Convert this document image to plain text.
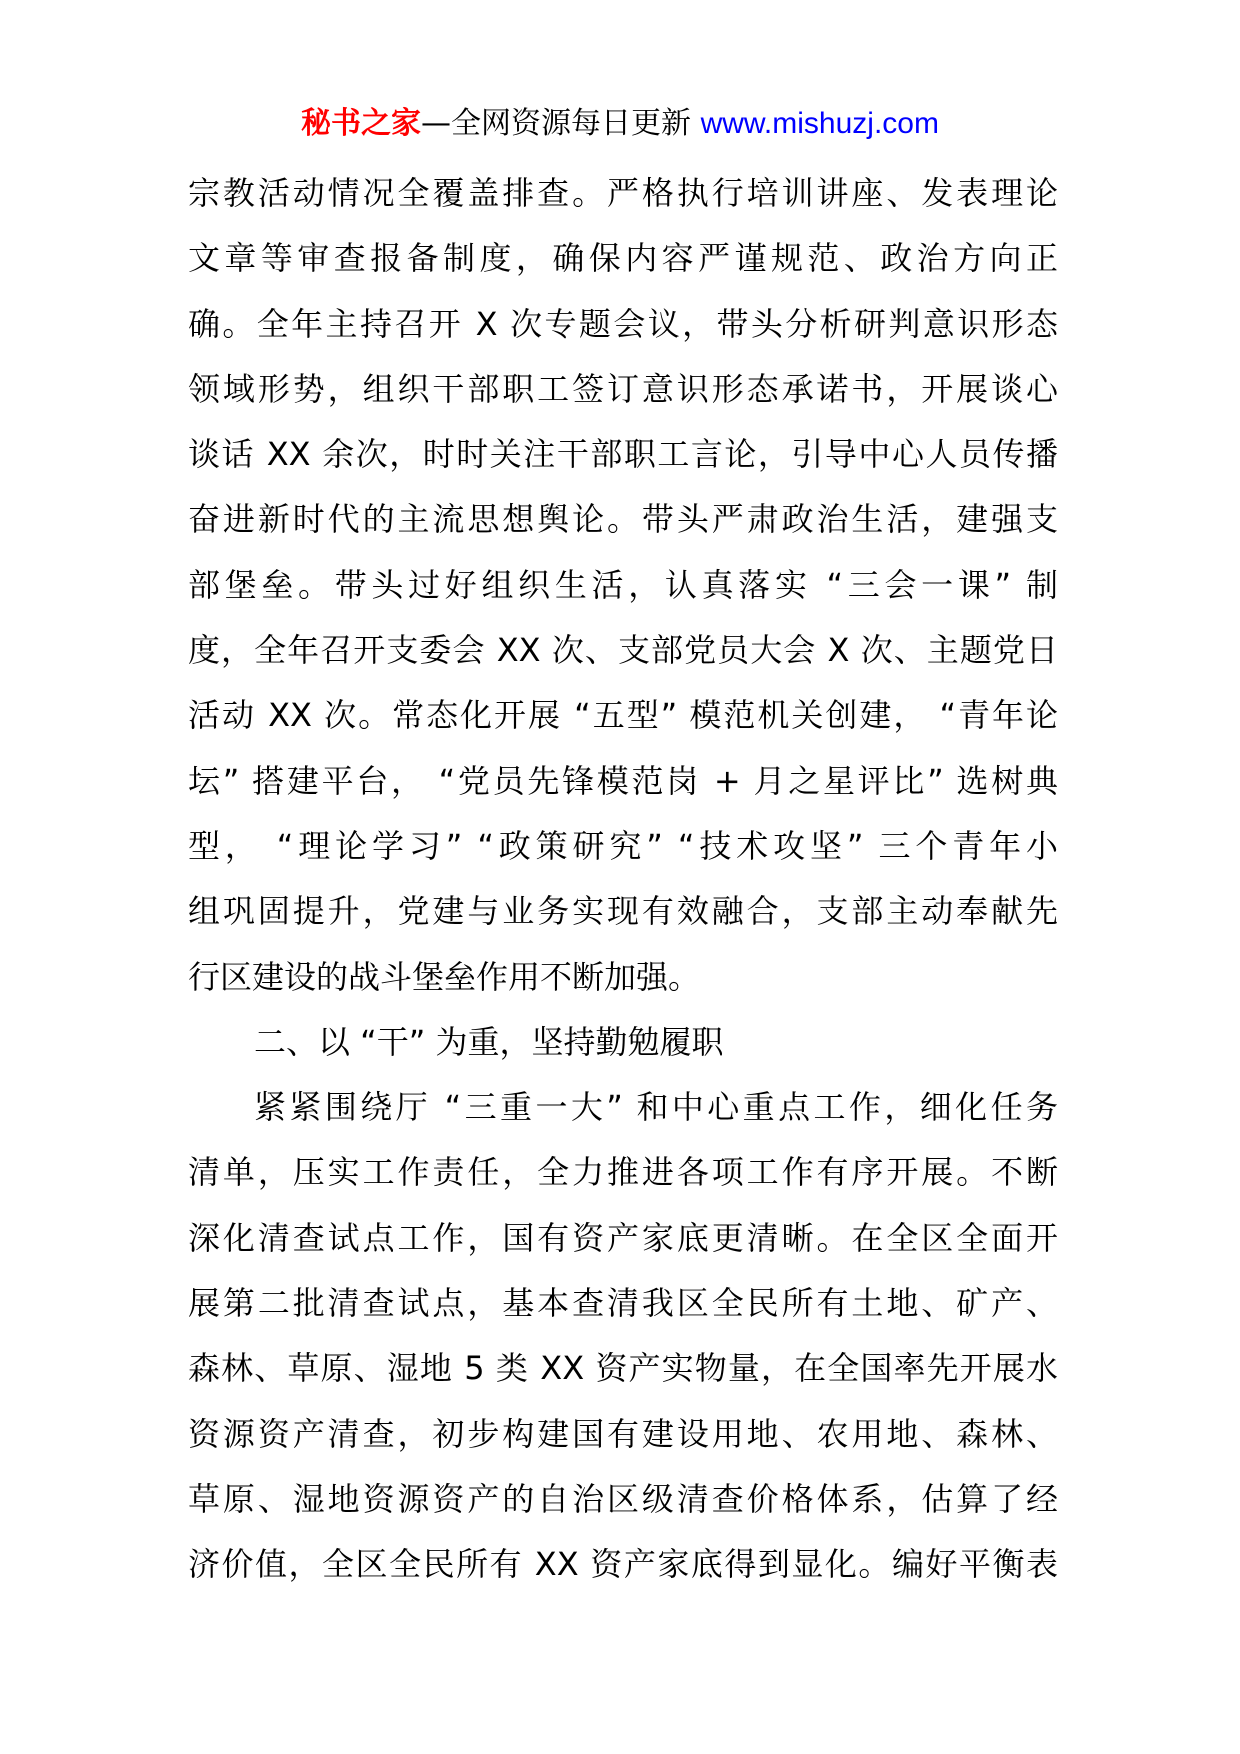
秘书之家—全网资源每日更新 www.mishuzj.com
宗教活动情况全覆盖排查。严格执行培训讲座、发表理论
文章等审查报备制度，确保内容严谨规范、政治方向正
确。全年主持召开 X 次专题会议，带头分析研判意识形态
领域形势，组织干部职工签订意识形态承诺书，开展谈心
谈话 XX 余次，时时关注干部职工言论，引导中心人员传播
奋进新时代的主流思想舆论。带头严肃政治生活，建强支
部堡垒。带头过好组织生活，认真落实 “三会一课” 制
度，全年召开支委会 XX 次、支部党员大会 X 次、主题党日
活动 XX 次。常态化开展 “五型” 模范机关创建， “青年论
坛” 搭建平台， “党员先锋模范岗 + 月之星评比” 选树典
型， “理论学习” “政策研究” “技术攻坚” 三个青年小
组巩固提升，党建与业务实现有效融合，支部主动奉献先
行区建设的战斗堡垒作用不断加强。
二、以 “干” 为重，坚持勤勉履职
紧紧围绕厅 “三重一大” 和中心重点工作，细化任务
清单，压实工作责任，全力推进各项工作有序开展。不断
深化清查试点工作，国有资产家底更清晰。在全区全面开
展第二批清查试点，基本查清我区全民所有土地、矿产、
森林、草原、湿地 5 类 XX 资产实物量，在全国率先开展水
资源资产清查，初步构建国有建设用地、农用地、森林、
草原、湿地资源资产的自治区级清查价格体系，估算了经
济价值，全区全民所有 XX 资产家底得到显化。编好平衡表
